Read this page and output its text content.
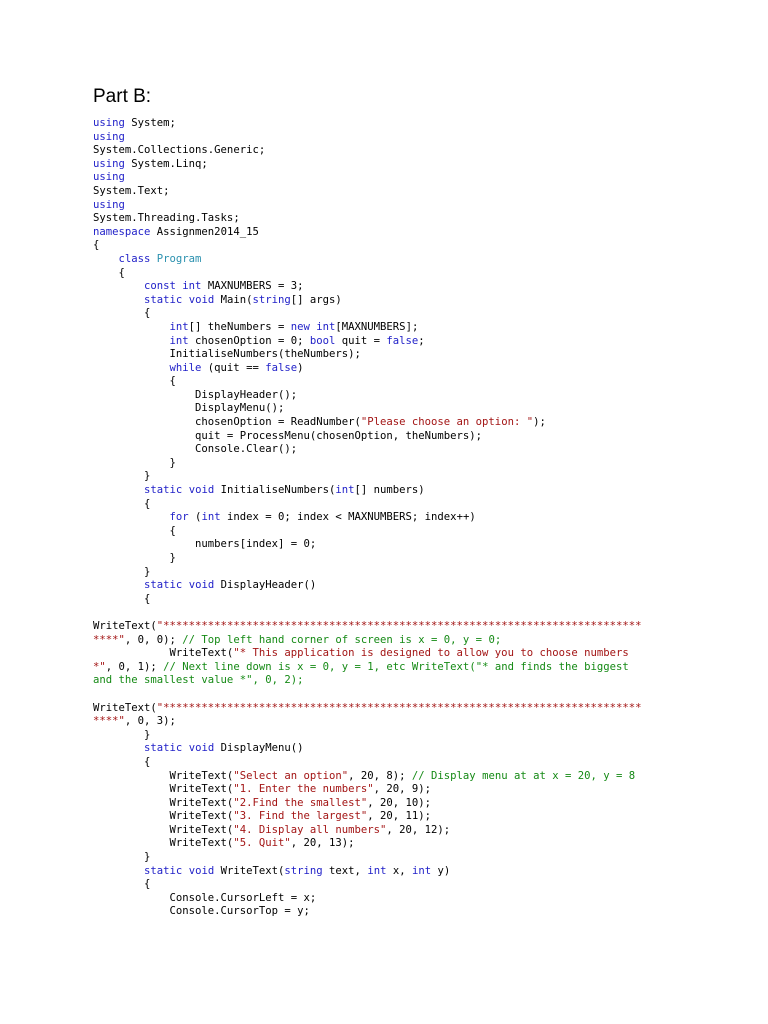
Part B:
using System;
using
System.Collections.Generic;
using System.Linq;
using
System.Text;
using
System.Threading.Tasks;
namespace Assignmen2014_15
{
class Program
{
const int MAXNUMBERS = 3;
static void Main(string[] args)
{
int[] theNumbers = new int[MAXNUMBERS];
int chosenOption = 0; bool quit = false;
InitialiseNumbers(theNumbers);
while (quit == false)
{
DisplayHeader();
DisplayMenu();
chosenOption = ReadNumber("Please choose an option: ");
quit = ProcessMenu(chosenOption, theNumbers);
Console.Clear();
}
}
static void InitialiseNumbers(int[] numbers)
{
for (int index = 0; index < MAXNUMBERS; index++)
{
numbers[index] = 0;
}
}
static void DisplayHeader()
{
WriteText("***************************************************************************
****", 0, 0); // Top left hand corner of screen is x = 0, y = 0;
WriteText("* This application is designed to allow you to choose numbers
*", 0, 1); // Next line down is x = 0, y = 1, etc WriteText("* and finds the biggest
and the smallest value *", 0, 2);
WriteText("***************************************************************************
****", 0, 3);
}
static void DisplayMenu()
{
WriteText("Select an option", 20, 8); // Display menu at at x = 20, y = 8
WriteText("1. Enter the numbers", 20, 9);
WriteText("2.Find the smallest", 20, 10);
WriteText("3. Find the largest", 20, 11);
WriteText("4. Display all numbers", 20, 12);
WriteText("5. Quit", 20, 13);
}
static void WriteText(string text, int x, int y)
{
Console.CursorLeft = x;
Console.CursorTop = y;
